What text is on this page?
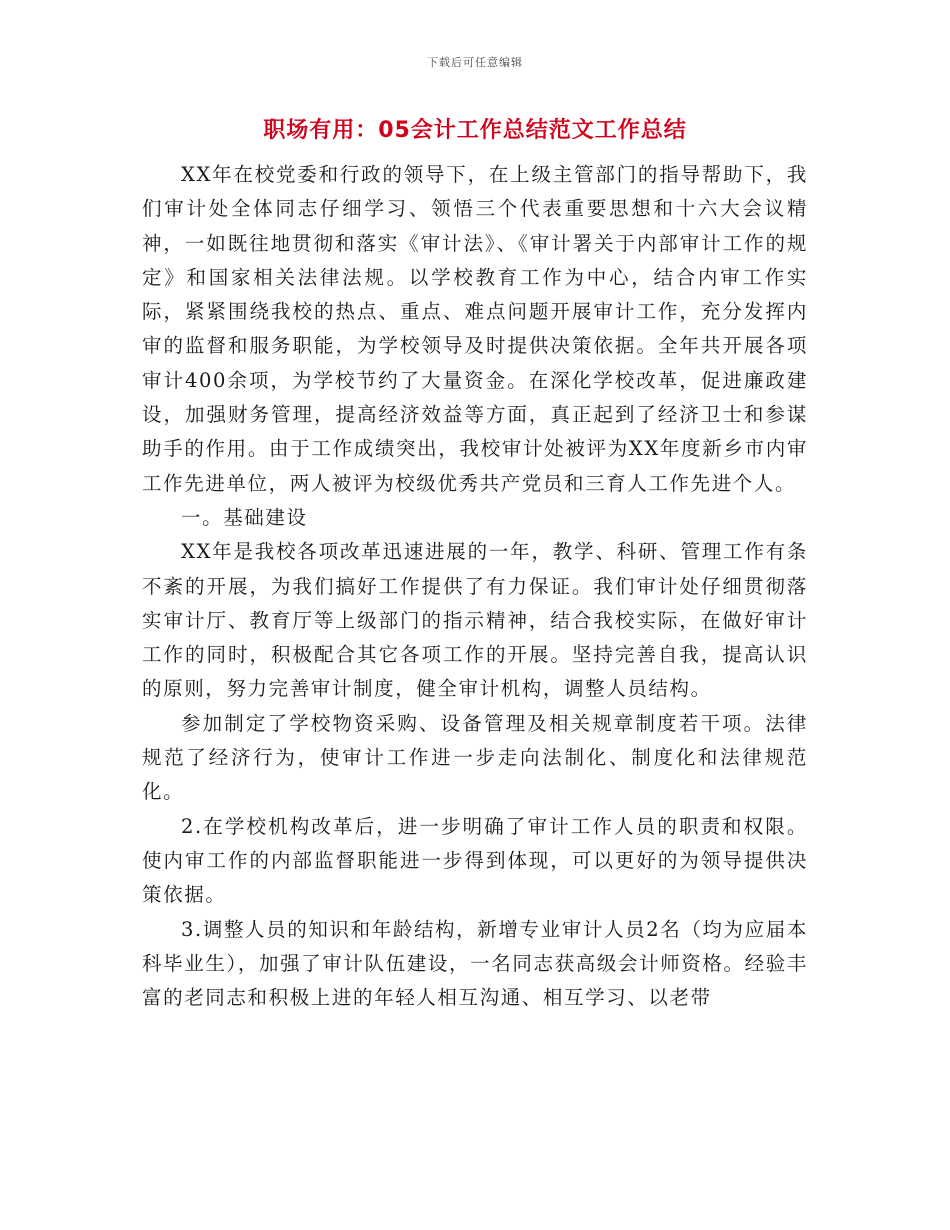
下载后可任意编辑
职场有用：05会计工作总结范文工作总结

XX年在校党委和行政的领导下，在上级主管部门的指导帮助下，我们审计处全体同志仔细学习、领悟三个代表重要思想和十六大会议精神，一如既往地贯彻和落实《审计法》、《审计署关于内部审计工作的规定》和国家相关法律法规。以学校教育工作为中心，结合内审工作实际，紧紧围绕我校的热点、重点、难点问题开展审计工作，充分发挥内审的监督和服务职能，为学校领导及时提供决策依据。全年共开展各项审计400余项，为学校节约了大量资金。在深化学校改革，促进廉政建设，加强财务管理，提高经济效益等方面，真正起到了经济卫士和参谋助手的作用。由于工作成绩突出，我校审计处被评为XX年度新乡市内审工作先进单位，两人被评为校级优秀共产党员和三育人工作先进个人。

一。基础建设

XX年是我校各项改革迅速进展的一年，教学、科研、管理工作有条不紊的开展，为我们搞好工作提供了有力保证。我们审计处仔细贯彻落实审计厅、教育厅等上级部门的指示精神，结合我校实际，在做好审计工作的同时，积极配合其它各项工作的开展。坚持完善自我，提高认识的原则，努力完善审计制度，健全审计机构，调整人员结构。

参加制定了学校物资采购、设备管理及相关规章制度若干项。法律规范了经济行为，使审计工作进一步走向法制化、制度化和法律规范化。

2.在学校机构改革后，进一步明确了审计工作人员的职责和权限。使内审工作的内部监督职能进一步得到体现，可以更好的为领导提供决策依据。

3.调整人员的知识和年龄结构，新增专业审计人员2名（均为应届本科毕业生），加强了审计队伍建设，一名同志获高级会计师资格。经验丰富的老同志和积极上进的年轻人相互沟通、相互学习、以老带
